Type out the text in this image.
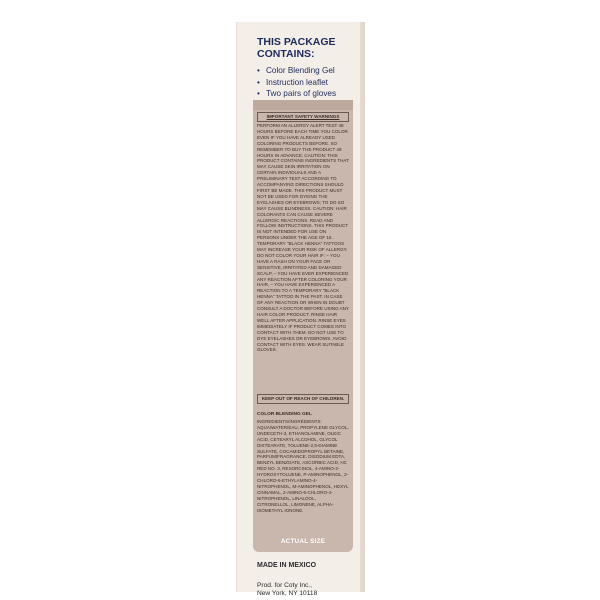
THIS PACKAGE CONTAINS:
• Color Blending Gel
• Instruction leaflet
• Two pairs of gloves
IMPORTANT SAFETY WARNINGS
PERFORM AN ALLERGY ALERT TEST 48 HOURS BEFORE EACH TIME YOU COLOR EVEN IF YOU HAVE ALREADY USED COLORING PRODUCTS BEFORE. SO REMEMBER TO BUY THE PRODUCT 48 HOURS IN ADVANCE. CAUTION: THIS PRODUCT CONTAINS INGREDIENTS THAT MAY CAUSE SKIN IRRITATION ON CERTAIN INDIVIDUALS AND A PRELIMINARY TEST ACCORDING TO ACCOMPANYING DIRECTIONS SHOULD FIRST BE MADE. THIS PRODUCT MUST NOT BE USED FOR DYEING THE EYELASHES OR EYEBROWS; TO DO SO MAY CAUSE BLINDNESS. CAUTION: HAIR COLORANTS CAN CAUSE SEVERE ALLERGIC REACTIONS. READ AND FOLLOW INSTRUCTIONS. THIS PRODUCT IS NOT INTENDED FOR USE ON PERSONS UNDER THE AGE OF 16. TEMPORARY "BLACK HENNA" TATTOOS MAY INCREASE YOUR RISK OF ALLERGY. DO NOT COLOR YOUR HAIR IF: – YOU HAVE A RASH ON YOUR FACE OR SENSITIVE, IRRITATED AND DAMAGED SCALP, – YOU HAVE EVER EXPERIENCED ANY REACTION AFTER COLORING YOUR HAIR, – YOU HAVE EXPERIENCED A REACTION TO A TEMPORARY "BLACK HENNA" TATTOO IN THE PAST. IN CASE OF ANY REACTION OR WHEN IN DOUBT CONSULT A DOCTOR BEFORE USING ANY HAIR COLOR PRODUCT. RINSE HAIR WELL AFTER APPLICATION. RINSE EYES IMMEDIATELY IF PRODUCT COMES INTO CONTACT WITH THEM. DO NOT USE TO DYE EYELASHES OR EYEBROWS. AVOID CONTACT WITH EYES. WEAR SUITABLE GLOVES.
KEEP OUT OF REACH OF CHILDREN.
COLOR BLENDING GEL
INGREDIENTS/INGRÉDIENTS: AQUA/WATER/EAU, PROPYLENE GLYCOL, UNDECETH-3, ETHANOLAMINE, OLEIC ACID, CETEARYL ALCOHOL, GLYCOL DISTEARATE, TOLUENE-2,5-DIAMINE SULFATE, COCAMIDOPROPYL BETAINE, PARFUM/FRAGRANCE, DISODIUM EDTA, BENZYL BENZOATE, ASCORBIC ACID, HC RED NO. 3, RESORCINOL, 4-AMINO-2-HYDROXYTOLUENE, P-AMINOPHENOL, 2-CHLORO-6-ETHYLAMINO-4-NITROPHENOL, M-AMINOPHENOL, HEXYL CINNAMAL, 2-AMINO-6-CHLORO-4-NITROPHENOL, LINALOOL, CITRONELLOL, LIMONENE, ALPHA-ISOMETHYL IONONE.
ACTUAL SIZE
MADE IN MEXICO
Prod. for Coty Inc.,
New York, NY 10118
